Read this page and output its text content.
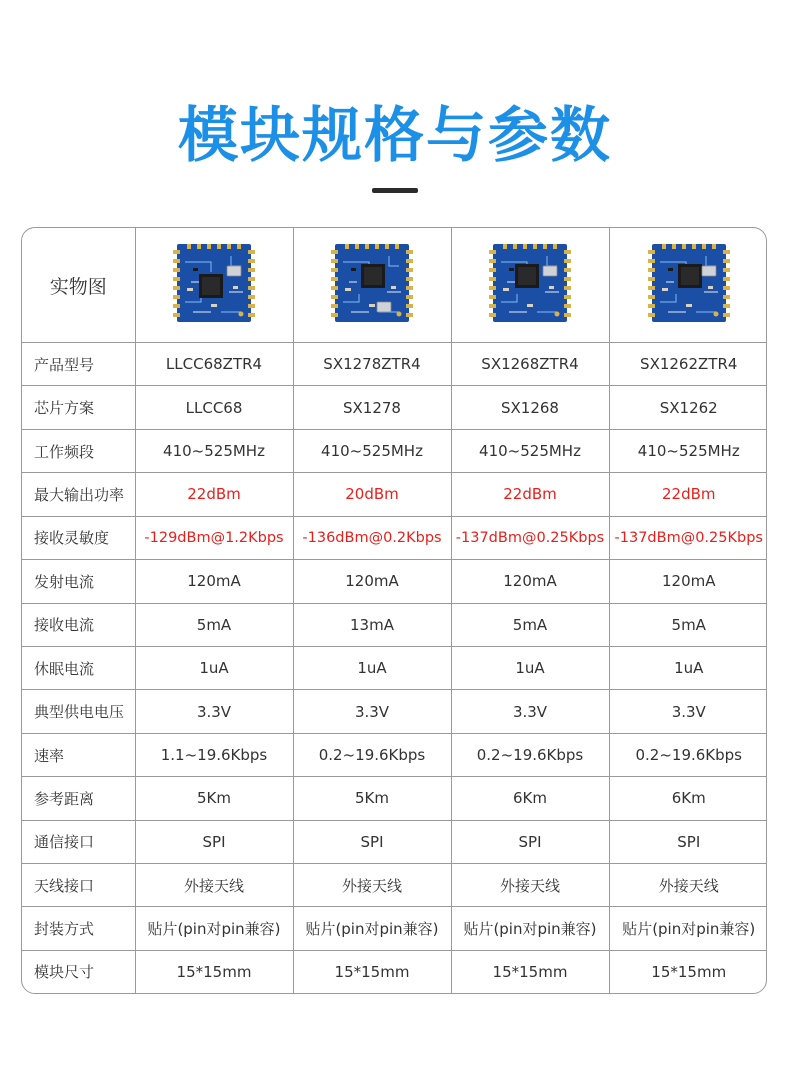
模块规格与参数
实物图				
产品型号	LLCC68ZTR4	SX1278ZTR4	SX1268ZTR4	SX1262ZTR4
芯片方案	LLCC68	SX1278	SX1268	SX1262
工作频段	410~525MHz	410~525MHz	410~525MHz	410~525MHz
最大输出功率	22dBm	20dBm	22dBm	22dBm
接收灵敏度	-129dBm@1.2Kbps	-136dBm@0.2Kbps	-137dBm@0.25Kbps	-137dBm@0.25Kbps
发射电流	120mA	120mA	120mA	120mA
接收电流	5mA	13mA	5mA	5mA
休眠电流	1uA	1uA	1uA	1uA
典型供电电压	3.3V	3.3V	3.3V	3.3V
速率	1.1~19.6Kbps	0.2~19.6Kbps	0.2~19.6Kbps	0.2~19.6Kbps
参考距离	5Km	5Km	6Km	6Km
通信接口	SPI	SPI	SPI	SPI
天线接口	外接天线	外接天线	外接天线	外接天线
封装方式	贴片(pin对pin兼容)	贴片(pin对pin兼容)	贴片(pin对pin兼容)	贴片(pin对pin兼容)
模块尺寸	15*15mm	15*15mm	15*15mm	15*15mm
